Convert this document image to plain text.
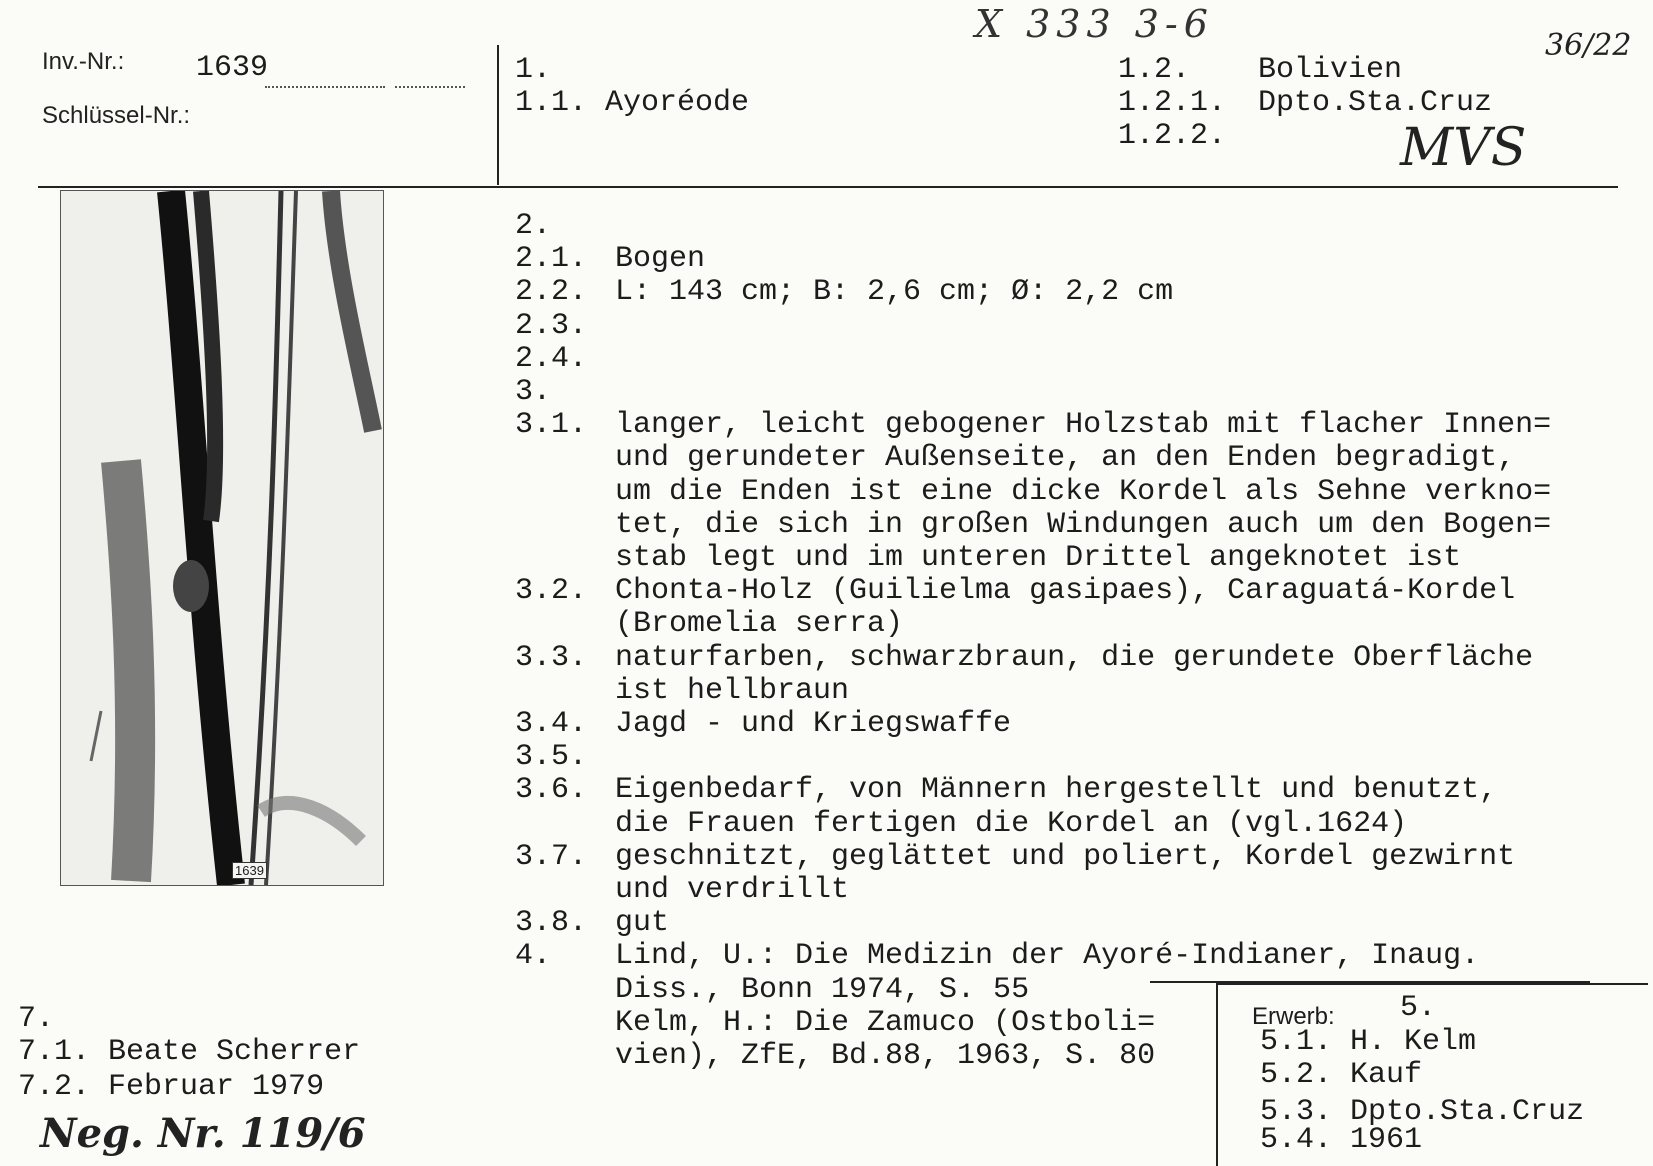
Inv.-Nr.: 1639
Schlüssel-Nr.:
X 333 3-6	36/22
MVS
1.
1.1. Ayoréode
1.2. Bolivien
1.2.1. Dpto.Sta.Cruz
1.2.2.
1639
2.
2.1. Bogen
2.2. L: 143 cm; B: 2,6 cm; Ø: 2,2 cm
2.3.
2.4.
3.
3.1. langer, leicht gebogener Holzstab mit flacher Innen=
und gerundeter Außenseite, an den Enden begradigt,
um die Enden ist eine dicke Kordel als Sehne verkno=
tet, die sich in großen Windungen auch um den Bogen=
stab legt und im unteren Drittel angeknotet ist
3.2. Chonta-Holz (Guilielma gasipaes), Caraguatá-Kordel
(Bromelia serra)
3.3. naturfarben, schwarzbraun, die gerundete Oberfläche
ist hellbraun
3.4. Jagd - und Kriegswaffe
3.5.
3.6. Eigenbedarf, von Männern hergestellt und benutzt,
die Frauen fertigen die Kordel an (vgl.1624)
3.7. geschnitzt, geglättet und poliert, Kordel gezwirnt
und verdrillt
3.8. gut
4. Lind, U.: Die Medizin der Ayoré-Indianer, Inaug.
Diss., Bonn 1974, S. 55
Kelm, H.: Die Zamuco (Ostboli=
vien), ZfE, Bd.88, 1963, S. 80
7.
7.1. Beate Scherrer
7.2. Februar 1979
Neg. Nr. 119/6
Erwerb: 5.
5.1. H. Kelm
5.2. Kauf
5.3. Dpto.Sta.Cruz
5.4. 1961
